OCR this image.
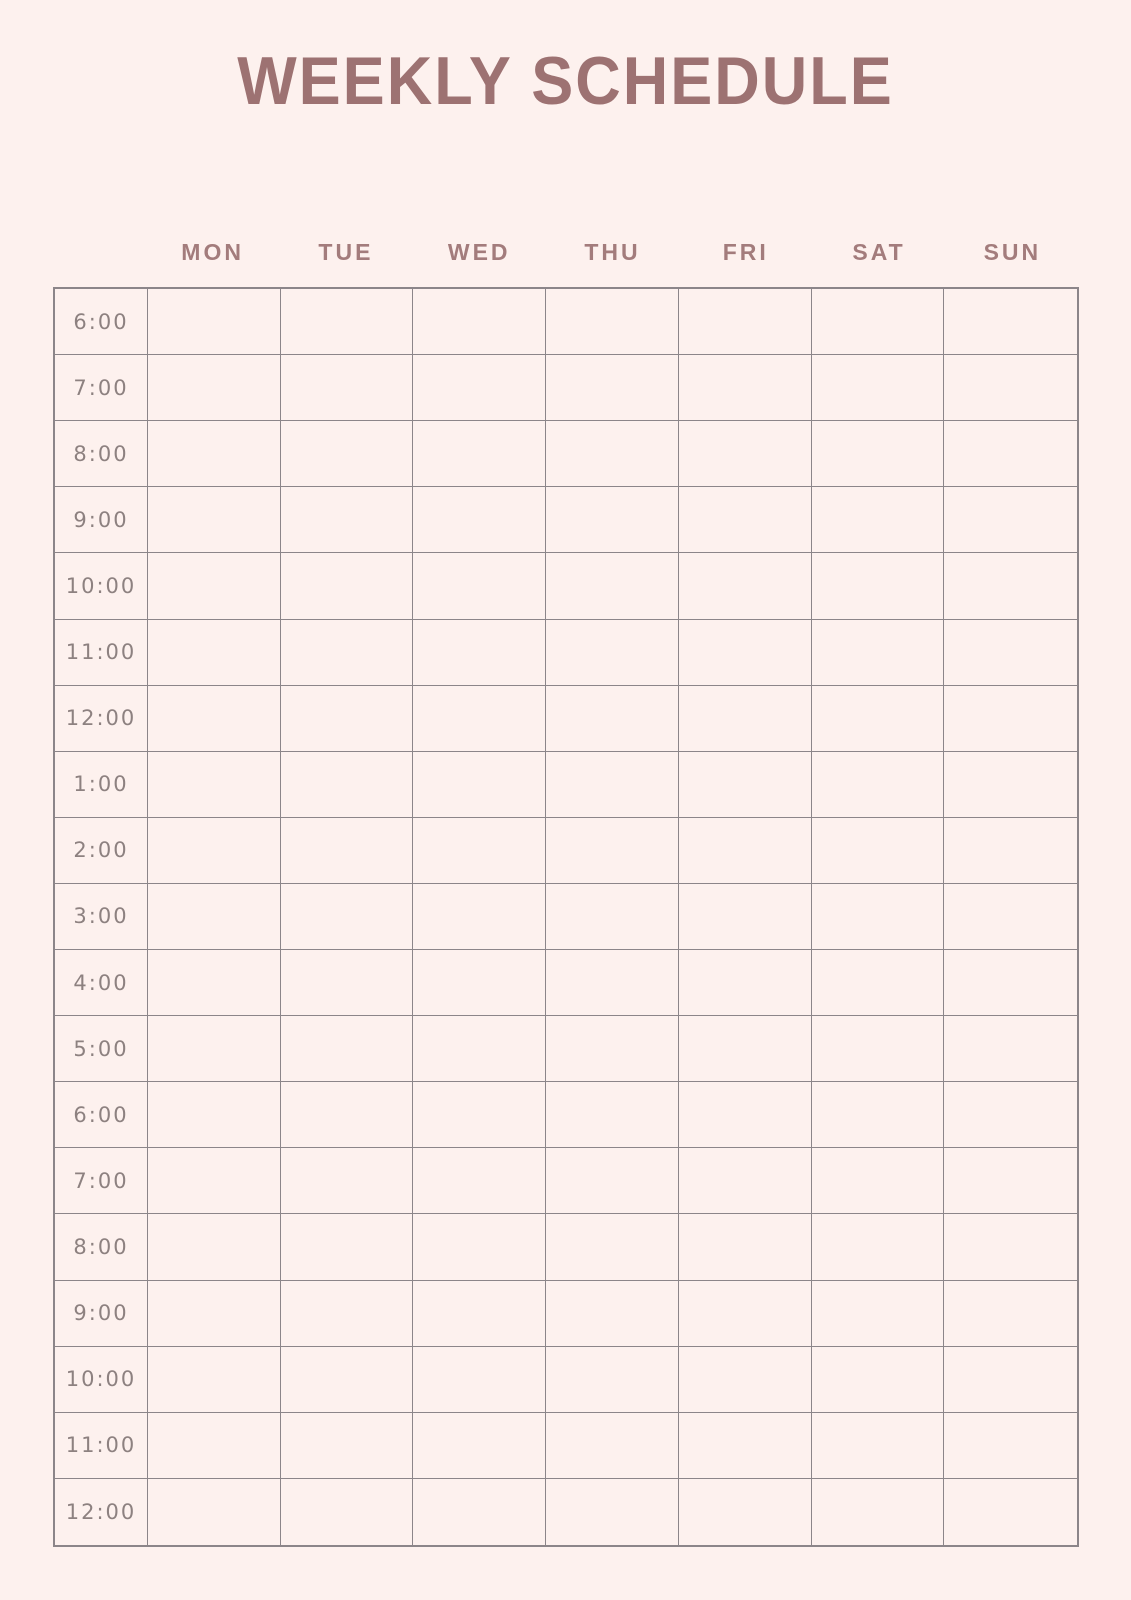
WEEKLY SCHEDULE
MON	TUE	WED	THU	FRI	SAT	SUN
6:00
7:00
8:00
9:00
10:00
11:00
12:00
1:00
2:00
3:00
4:00
5:00
6:00
7:00
8:00
9:00
10:00
11:00
12:00
